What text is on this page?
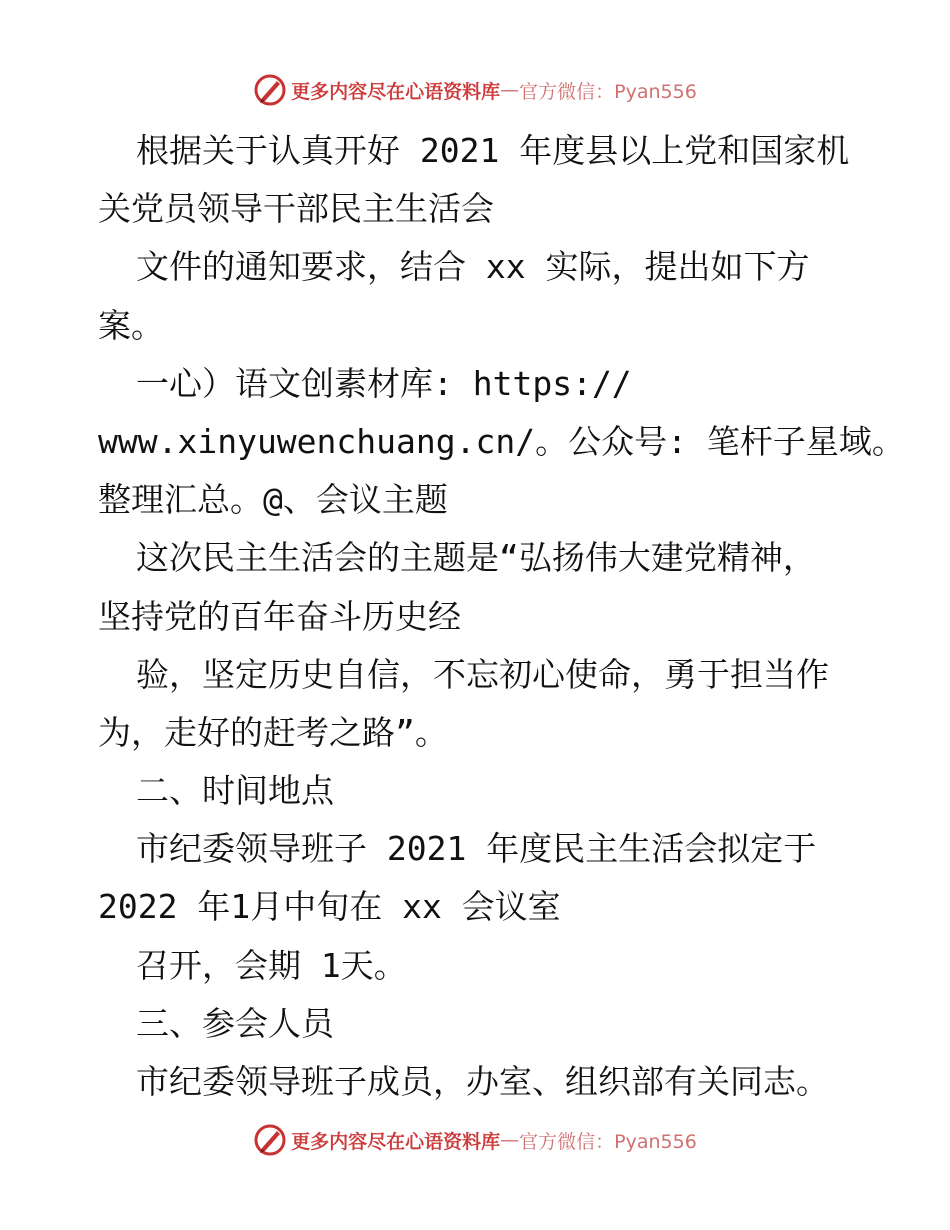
更多内容尽在心语资料库 — 官方微信：Pyan556
根据关于认真开好 2021 年度县以上党和国家机
关党员领导干部民主生活会
文件的通知要求，结合 xx 实际，提出如下方
案。
一心）语文创素材库: https://
www.xinyuwenchuang.cn/。公众号: 笔杆子星域。
整理汇总。@、会议主题
这次民主生活会的主题是“弘扬伟大建党精神，
坚持党的百年奋斗历史经
验，坚定历史自信，不忘初心使命，勇于担当作
为，走好的赶考之路”。
二、时间地点
市纪委领导班子 2021 年度民主生活会拟定于
2022 年1月中旬在 xx 会议室
召开，会期 1天。
三、参会人员
市纪委领导班子成员，办室、组织部有关同志。
更多内容尽在心语资料库 — 官方微信：Pyan556
